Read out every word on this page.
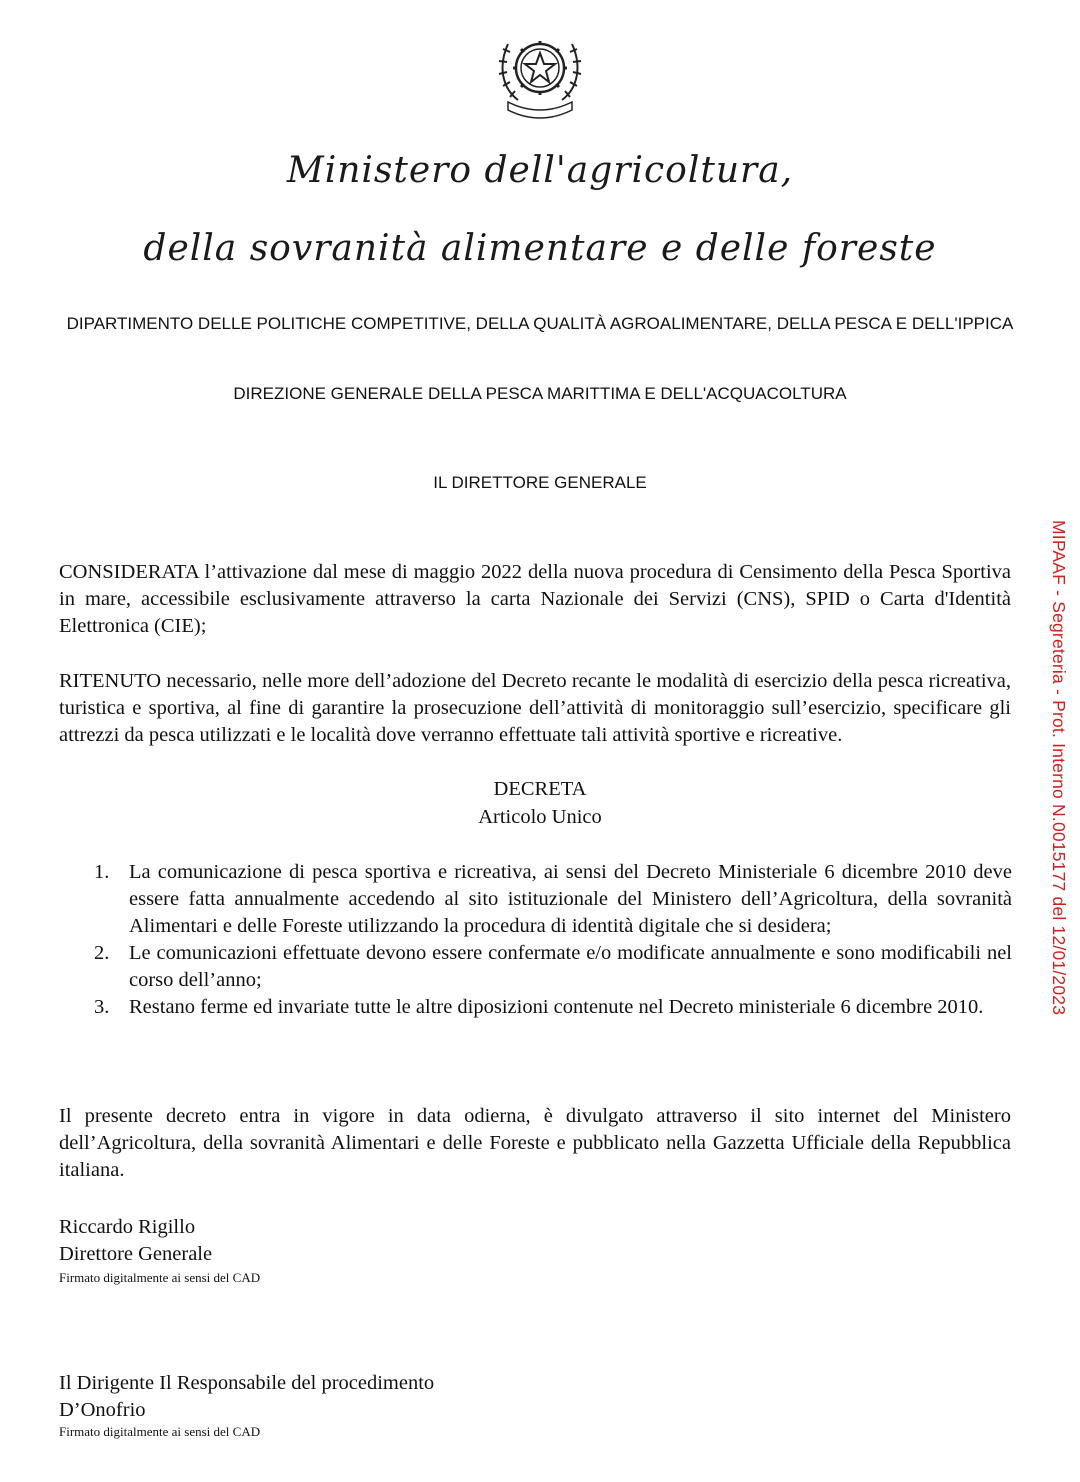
Ministero dell'agricoltura,
della sovranità alimentare e delle foreste
DIPARTIMENTO DELLE POLITICHE COMPETITIVE, DELLA QUALITÀ AGROALIMENTARE, DELLA PESCA E DELL'IPPICA
DIREZIONE GENERALE DELLA PESCA MARITTIMA E DELL'ACQUACOLTURA
IL DIRETTORE GENERALE

CONSIDERATA l’attivazione dal mese di maggio 2022 della nuova procedura di Censimento della Pesca Sportiva in mare, accessibile esclusivamente attraverso la carta Nazionale dei Servizi (CNS), SPID o Carta d'Identità Elettronica (CIE);

RITENUTO necessario, nelle more dell’adozione del Decreto recante le modalità di esercizio della pesca ricreativa, turistica e sportiva, al fine di garantire la prosecuzione dell’attività di monitoraggio sull’esercizio, specificare gli attrezzi da pesca utilizzati e le località dove verranno effettuate tali attività sportive e ricreative.

DECRETA
Articolo Unico
1. La comunicazione di pesca sportiva e ricreativa, ai sensi del Decreto Ministeriale 6 dicembre 2010 deve essere fatta annualmente accedendo al sito istituzionale del Ministero dell’Agricoltura, della sovranità Alimentari e delle Foreste utilizzando la procedura di identità digitale che si desidera;
2. Le comunicazioni effettuate devono essere confermate e/o modificate annualmente e sono modificabili nel corso dell’anno;
3. Restano ferme ed invariate tutte le altre diposizioni contenute nel Decreto ministeriale 6 dicembre 2010.

Il presente decreto entra in vigore in data odierna, è divulgato attraverso il sito internet del Ministero dell’Agricoltura, della sovranità Alimentari e delle Foreste e pubblicato nella Gazzetta Ufficiale della Repubblica italiana.

Riccardo Rigillo
Direttore Generale
Firmato digitalmente ai sensi del CAD
Il Dirigente Il Responsabile del procedimento
D’Onofrio
Firmato digitalmente ai sensi del CAD
MIPAAF - Segreteria - Prot. Interno N.0015177 del 12/01/2023
